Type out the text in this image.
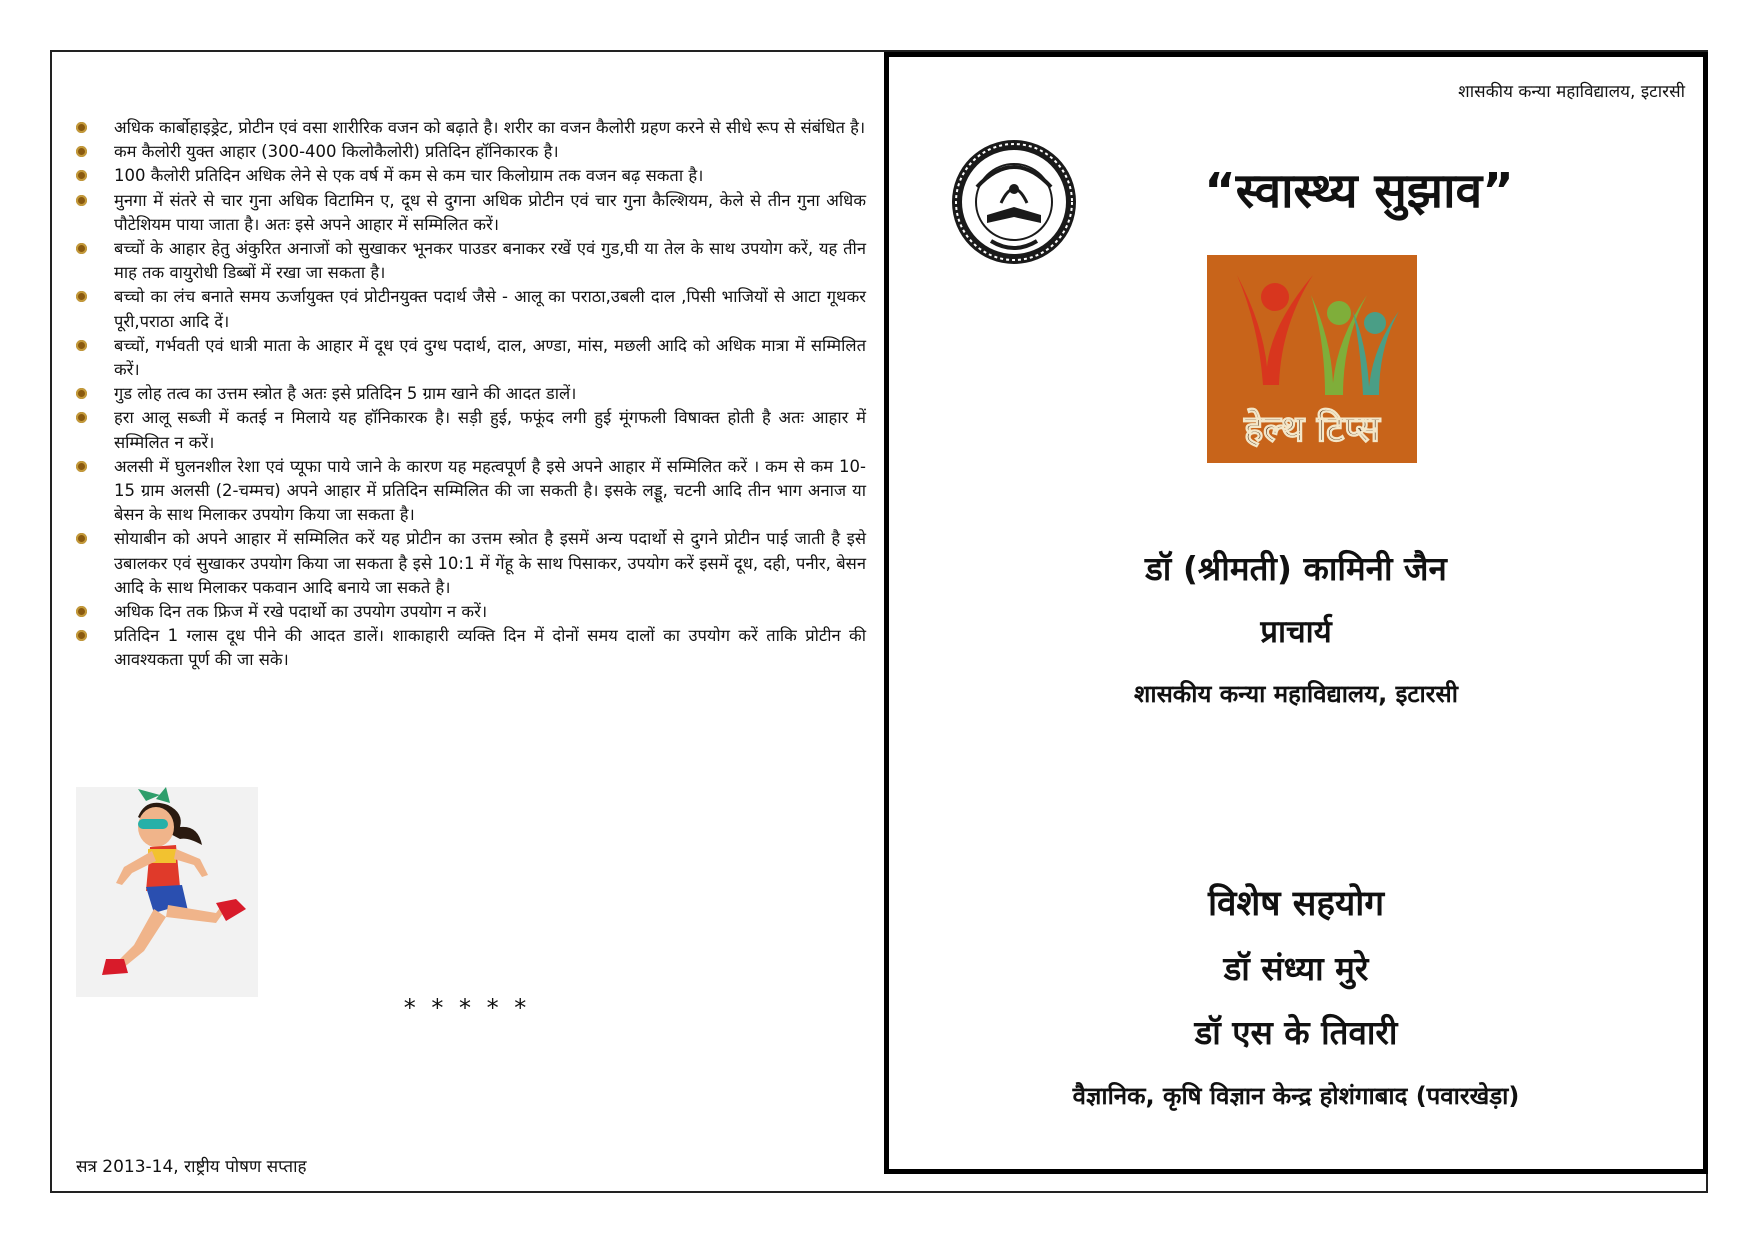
अधिक कार्बोहाइड्रेट, प्रोटीन एवं वसा शारीरिक वजन को बढ़ाते है। शरीर का वजन कैलोरी ग्रहण करने से सीधे रूप से संबंधित है।
कम कैलोरी युक्त आहार (300-400 किलोकैलोरी) प्रतिदिन हॉनिकारक है।
100 कैलोरी प्रतिदिन अधिक लेने से एक वर्ष में कम से कम चार किलोग्राम तक वजन बढ़ सकता है।
मुनगा में संतरे से चार गुना अधिक विटामिन ए, दूध से दुगना अधिक प्रोटीन एवं चार गुना कैल्शियम, केले से तीन गुना अधिक पौटेशियम पाया जाता है। अतः इसे अपने आहार में सम्मिलित करें।
बच्चों के आहार हेतु अंकुरित अनाजों को सुखाकर भूनकर पाउडर बनाकर रखें एवं गुड,घी या तेल के साथ उपयोग करें, यह तीन माह तक वायुरोधी डिब्बों में रखा जा सकता है।
बच्चो का लंच बनाते समय ऊर्जायुक्त एवं प्रोटीनयुक्त पदार्थ जैसे - आलू का पराठा,उबली दाल ,पिसी भाजियों से आटा गूथकर पूरी,पराठा आदि दें।
बच्चों, गर्भवती एवं धात्री माता के आहार में दूध एवं दुग्ध पदार्थ, दाल, अण्डा, मांस, मछली आदि को अधिक मात्रा में सम्मिलित करें।
गुड लोह तत्व का उत्तम स्त्रोत है अतः इसे प्रतिदिन 5 ग्राम खाने की आदत डालें।
हरा आलू सब्जी में कतई न मिलाये यह हॉनिकारक है। सड़ी हुई, फफूंद लगी हुई मूंगफली विषाक्त होती है अतः आहार में सम्मिलित न करें।
अलसी में घुलनशील रेशा एवं प्यूफा पाये जाने के कारण यह महत्वपूर्ण है इसे अपने आहार में सम्मिलित करें । कम से कम 10-15 ग्राम अलसी (2-चम्मच) अपने आहार में प्रतिदिन सम्मिलित की जा सकती है। इसके लड्डू, चटनी आदि तीन भाग अनाज या बेसन के साथ मिलाकर उपयोग किया जा सकता है।
सोयाबीन को अपने आहार में सम्मिलित करें यह प्रोटीन का उत्तम स्त्रोत है इसमें अन्य पदार्थो से दुगने प्रोटीन पाई जाती है इसे उबालकर एवं सुखाकर उपयोग किया जा सकता है इसे 10:1 में गेंहू के साथ पिसाकर, उपयोग करें इसमें दूध, दही, पनीर, बेसन आदि के साथ मिलाकर पकवान आदि बनाये जा सकते है।
अधिक दिन तक फ्रिज में रखे पदार्थो का उपयोग उपयोग न करें।
प्रतिदिन 1 ग्लास दूध पीने की आदत डालें। शाकाहारी व्यक्ति दिन में दोनों समय दालों का उपयोग करें ताकि प्रोटीन की आवश्यकता पूर्ण की जा सके।
* * * * *
सत्र 2013-14, राष्ट्रीय पोषण सप्ताह
शासकीय कन्या महाविद्यालय, इटारसी
“स्वास्थ्य सुझाव”
हेल्थ टिप्स
डॉ (श्रीमती) कामिनी जैन
प्राचार्य
शासकीय कन्या महाविद्यालय, इटारसी
विशेष सहयोग
डॉ संध्या मुरे
डॉ एस के तिवारी
वैज्ञानिक, कृषि विज्ञान केन्द्र होशंगाबाद (पवारखेड़ा)
